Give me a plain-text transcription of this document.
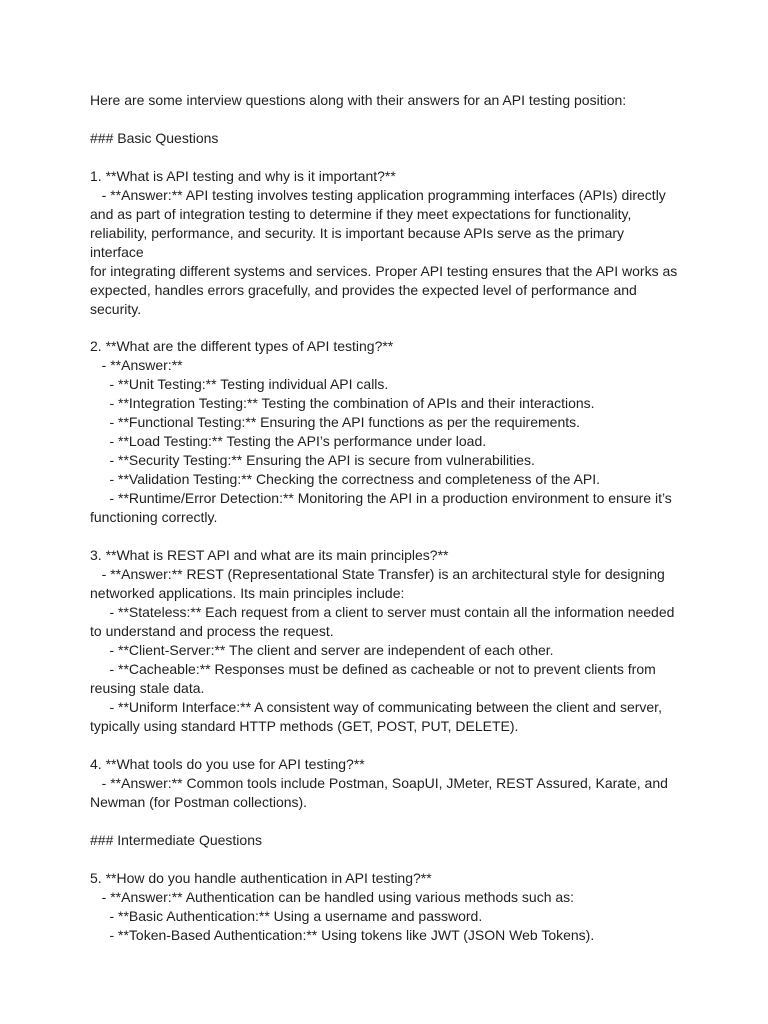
Here are some interview questions along with their answers for an API testing position:

### Basic Questions

1. **What is API testing and why is it important?**

- **Answer:** API testing involves testing application programming interfaces (APIs) directly

and as part of integration testing to determine if they meet expectations for functionality,

reliability, performance, and security. It is important because APIs serve as the primary interface

for integrating different systems and services. Proper API testing ensures that the API works as

expected, handles errors gracefully, and provides the expected level of performance and

security.

2. **What are the different types of API testing?**

- **Answer:**

- **Unit Testing:** Testing individual API calls.

- **Integration Testing:** Testing the combination of APIs and their interactions.

- **Functional Testing:** Ensuring the API functions as per the requirements.

- **Load Testing:** Testing the API’s performance under load.

- **Security Testing:** Ensuring the API is secure from vulnerabilities.

- **Validation Testing:** Checking the correctness and completeness of the API.

- **Runtime/Error Detection:** Monitoring the API in a production environment to ensure it’s

functioning correctly.

3. **What is REST API and what are its main principles?**

- **Answer:** REST (Representational State Transfer) is an architectural style for designing

networked applications. Its main principles include:

- **Stateless:** Each request from a client to server must contain all the information needed

to understand and process the request.

- **Client-Server:** The client and server are independent of each other.

- **Cacheable:** Responses must be defined as cacheable or not to prevent clients from

reusing stale data.

- **Uniform Interface:** A consistent way of communicating between the client and server,

typically using standard HTTP methods (GET, POST, PUT, DELETE).

4. **What tools do you use for API testing?**

- **Answer:** Common tools include Postman, SoapUI, JMeter, REST Assured, Karate, and

Newman (for Postman collections).

### Intermediate Questions

5. **How do you handle authentication in API testing?**

- **Answer:** Authentication can be handled using various methods such as:

- **Basic Authentication:** Using a username and password.

- **Token-Based Authentication:** Using tokens like JWT (JSON Web Tokens).
